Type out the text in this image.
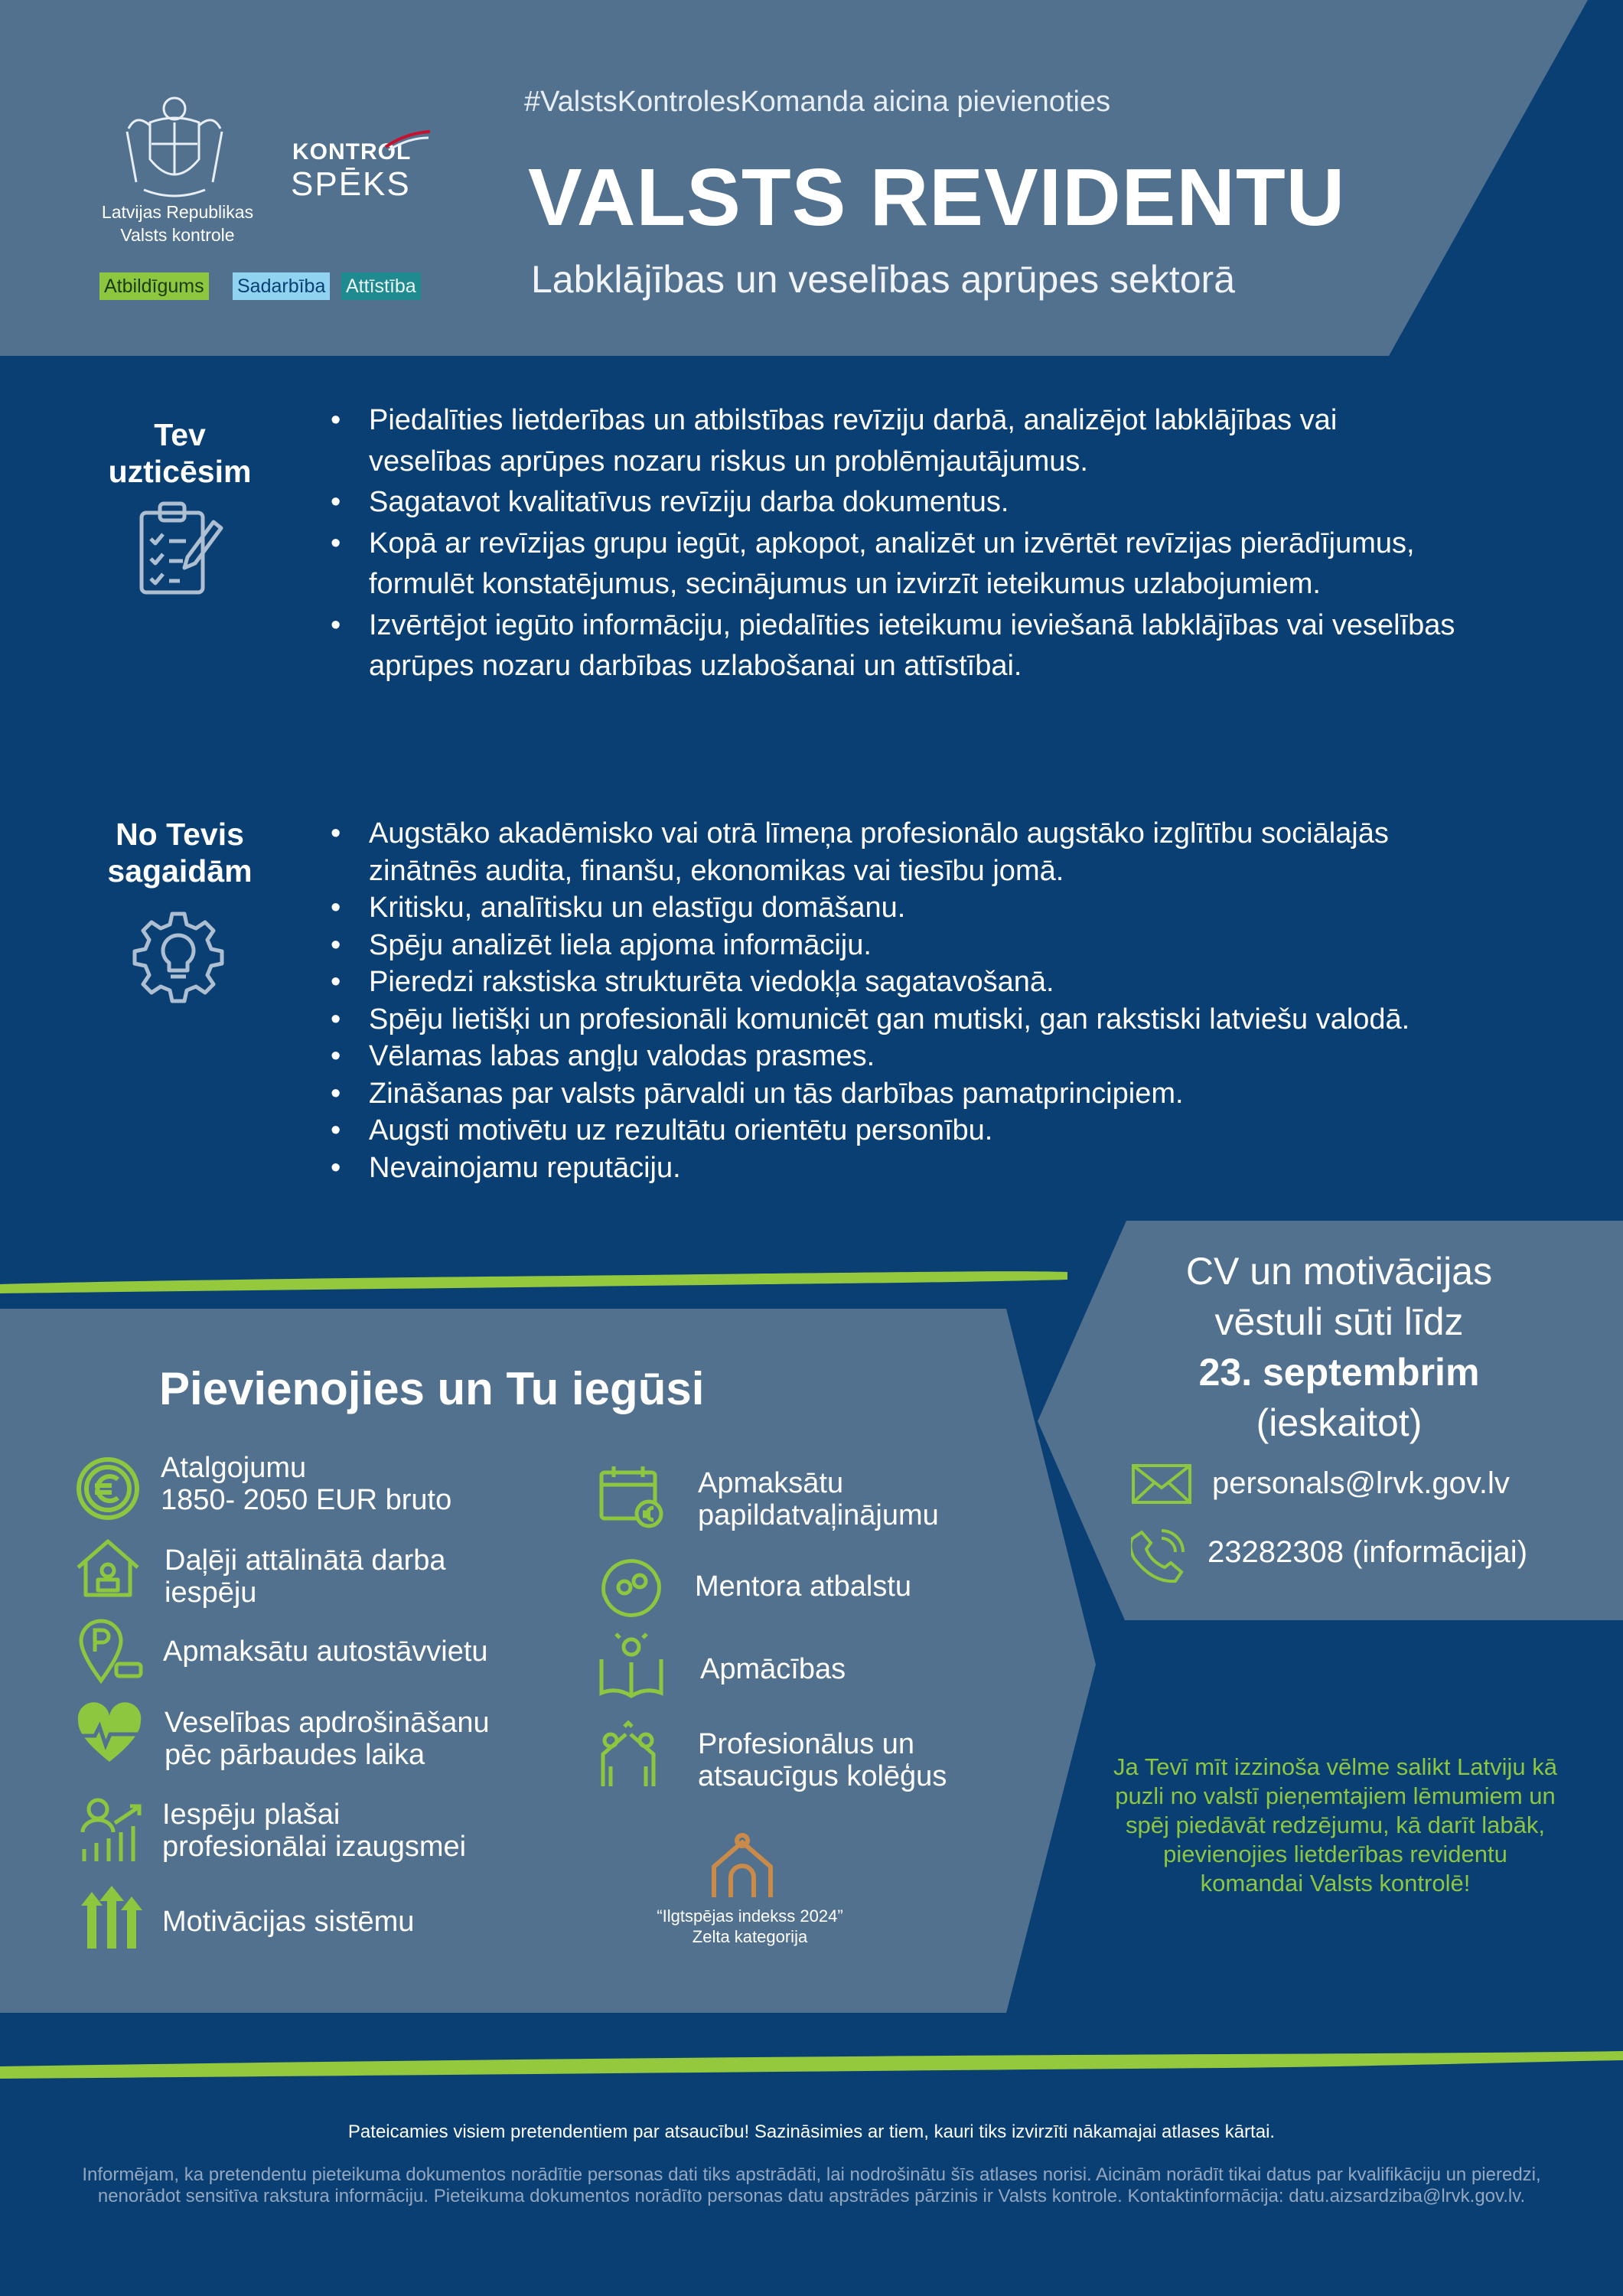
Latvijas Republikas
Valsts kontrole
KONTROL
SPĒKS
Atbildīgums Sadarbība Attīstība
#ValstsKontrolesKomanda aicina pievienoties
VALSTS REVIDENTU
Labklājības un veselības aprūpes sektorā
Tev
uzticēsim
• Piedalīties lietderības un atbilstības revīziju darbā, analizējot labklājības vai veselības aprūpes nozaru riskus un problēmjautājumus.
• Sagatavot kvalitatīvus revīziju darba dokumentus.
• Kopā ar revīzijas grupu iegūt, apkopot, analizēt un izvērtēt revīzijas pierādījumus, formulēt konstatējumus, secinājumus un izvirzīt ieteikumus uzlabojumiem.
• Izvērtējot iegūto informāciju, piedalīties ieteikumu ieviešanā labklājības vai veselības aprūpes nozaru darbības uzlabošanai un attīstībai.
No Tevis
sagaidām
• Augstāko akadēmisko vai otrā līmeņa profesionālo augstāko izglītību sociālajās zinātnēs audita, finanšu, ekonomikas vai tiesību jomā.
• Kritisku, analītisku un elastīgu domāšanu.
• Spēju analizēt liela apjoma informāciju.
• Pieredzi rakstiska strukturēta viedokļa sagatavošanā.
• Spēju lietišķi un profesionāli komunicēt gan mutiski, gan rakstiski latviešu valodā.
• Vēlamas labas angļu valodas prasmes.
• Zināšanas par valsts pārvaldi un tās darbības pamatprincipiem.
• Augsti motivētu uz rezultātu orientētu personību.
• Nevainojamu reputāciju.
Pievienojies un Tu iegūsi
Atalgojumu
1850- 2050 EUR bruto
Daļēji attālinātā darba
iespēju
Apmaksātu autostāvvietu
Veselības apdrošināšanu
pēc pārbaudes laika
Iespēju plašai
profesionālai izaugsmei
Motivācijas sistēmu
Apmaksātu
papildatvaļinājumu
Mentora atbalstu
Apmācības
Profesionālus un
atsaucīgus kolēģus
“Ilgtspējas indekss 2024”
Zelta kategorija
CV un motivācijas
vēstuli sūti līdz
23. septembrim
(ieskaitot)
personals@lrvk.gov.lv
23282308 (informācijai)
Ja Tevī mīt izzinoša vēlme salikt Latviju kā puzli no valstī pieņemtajiem lēmumiem un spēj piedāvāt redzējumu, kā darīt labāk, pievienojies lietderības revidentu komandai Valsts kontrolē!
Pateicamies visiem pretendentiem par atsaucību! Sazināsimies ar tiem, kauri tiks izvirzīti nākamajai atlases kārtai.
Informējam, ka pretendentu pieteikuma dokumentos norādītie personas dati tiks apstrādāti, lai nodrošinātu šīs atlases norisi. Aicinām norādīt tikai datus par kvalifikāciju un pieredzi, nenorādot sensitīva rakstura informāciju. Pieteikuma dokumentos norādīto personas datu apstrādes pārzinis ir Valsts kontrole. Kontaktinformācija: datu.aizsardziba@lrvk.gov.lv.
